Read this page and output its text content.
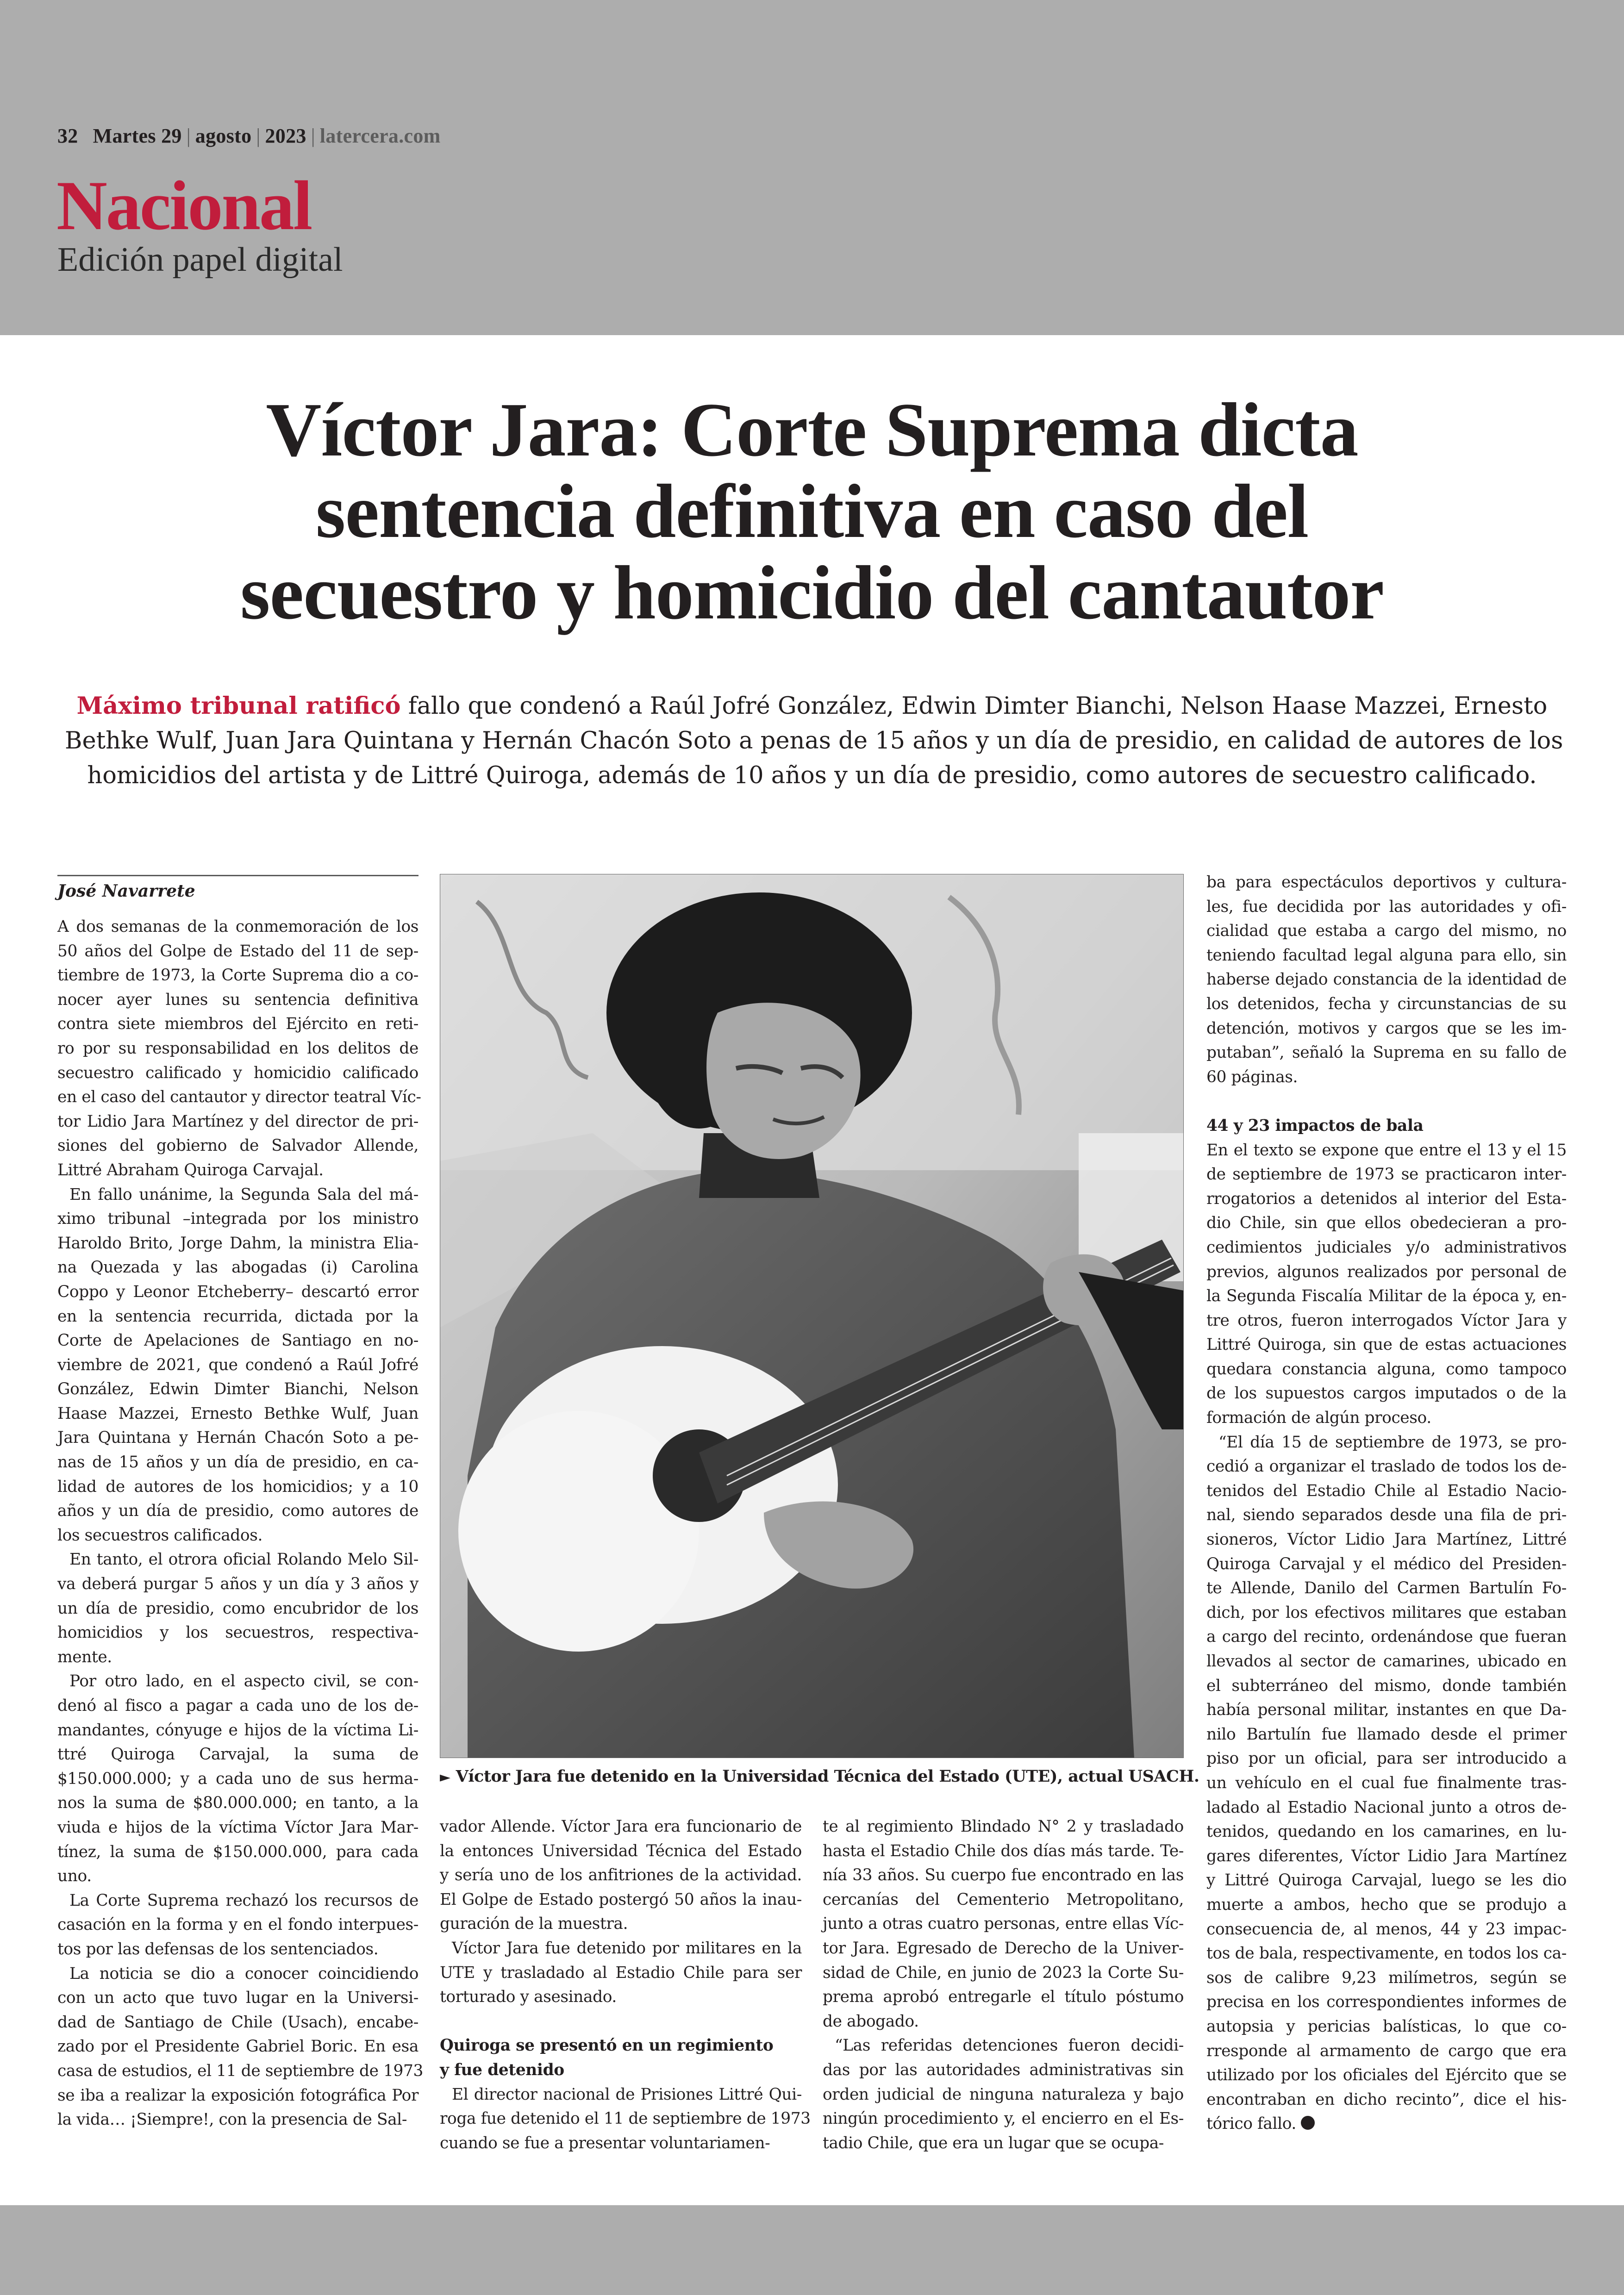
32 Martes 29 | agosto | 2023 | latercera.com
Nacional
Edición papel digital
Víctor Jara: Corte Suprema dicta
sentencia definitiva en caso del
secuestro y homicidio del cantautor

Máximo tribunal ratificó fallo que condenó a Raúl Jofré González, Edwin Dimter Bianchi, Nelson Haase Mazzei, Ernesto
Bethke Wulf, Juan Jara Quintana y Hernán Chacón Soto a penas de 15 años y un día de presidio, en calidad de autores de los
homicidios del artista y de Littré Quiroga, además de 10 años y un día de presidio, como autores de secuestro calificado.

José Navarrete
A dos semanas de la conmemoración de los
50 años del Golpe de Estado del 11 de sep-
tiembre de 1973, la Corte Suprema dio a co-
nocer ayer lunes su sentencia definitiva
contra siete miembros del Ejército en reti-
ro por su responsabilidad en los delitos de
secuestro calificado y homicidio calificado
en el caso del cantautor y director teatral Víc-
tor Lidio Jara Martínez y del director de pri-
siones del gobierno de Salvador Allende,
Littré Abraham Quiroga Carvajal.
En fallo unánime, la Segunda Sala del má-
ximo tribunal –integrada por los ministro
Haroldo Brito, Jorge Dahm, la ministra Elia-
na Quezada y las abogadas (i) Carolina
Coppo y Leonor Etcheberry– descartó error
en la sentencia recurrida, dictada por la
Corte de Apelaciones de Santiago en no-
viembre de 2021, que condenó a Raúl Jofré
González, Edwin Dimter Bianchi, Nelson
Haase Mazzei, Ernesto Bethke Wulf, Juan
Jara Quintana y Hernán Chacón Soto a pe-
nas de 15 años y un día de presidio, en ca-
lidad de autores de los homicidios; y a 10
años y un día de presidio, como autores de
los secuestros calificados.
En tanto, el otrora oficial Rolando Melo Sil-
va deberá purgar 5 años y un día y 3 años y
un día de presidio, como encubridor de los
homicidios y los secuestros, respectiva-
mente.
Por otro lado, en el aspecto civil, se con-
denó al fisco a pagar a cada uno de los de-
mandantes, cónyuge e hijos de la víctima Li-
ttré Quiroga Carvajal, la suma de
$150.000.000; y a cada uno de sus herma-
nos la suma de $80.000.000; en tanto, a la
viuda e hijos de la víctima Víctor Jara Mar-
tínez, la suma de $150.000.000, para cada
uno.
La Corte Suprema rechazó los recursos de
casación en la forma y en el fondo interpues-
tos por las defensas de los sentenciados.
La noticia se dio a conocer coincidiendo
con un acto que tuvo lugar en la Universi-
dad de Santiago de Chile (Usach), encabe-
zado por el Presidente Gabriel Boric. En esa
casa de estudios, el 11 de septiembre de 1973
se iba a realizar la exposición fotográfica Por
la vida… ¡Siempre!, con la presencia de Sal-
► Víctor Jara fue detenido en la Universidad Técnica del Estado (UTE), actual USACH.
vador Allende. Víctor Jara era funcionario de
la entonces Universidad Técnica del Estado
y sería uno de los anfitriones de la actividad.
El Golpe de Estado postergó 50 años la inau-
guración de la muestra.
Víctor Jara fue detenido por militares en la
UTE y trasladado al Estadio Chile para ser
torturado y asesinado.
Quiroga se presentó en un regimiento
y fue detenido
El director nacional de Prisiones Littré Qui-
roga fue detenido el 11 de septiembre de 1973
cuando se fue a presentar voluntariamen-
te al regimiento Blindado N° 2 y trasladado
hasta el Estadio Chile dos días más tarde. Te-
nía 33 años. Su cuerpo fue encontrado en las
cercanías del Cementerio Metropolitano,
junto a otras cuatro personas, entre ellas Víc-
tor Jara. Egresado de Derecho de la Univer-
sidad de Chile, en junio de 2023 la Corte Su-
prema aprobó entregarle el título póstumo
de abogado.
“Las referidas detenciones fueron decidi-
das por las autoridades administrativas sin
orden judicial de ninguna naturaleza y bajo
ningún procedimiento y, el encierro en el Es-
tadio Chile, que era un lugar que se ocupa-
ba para espectáculos deportivos y cultura-
les, fue decidida por las autoridades y ofi-
cialidad que estaba a cargo del mismo, no
teniendo facultad legal alguna para ello, sin
haberse dejado constancia de la identidad de
los detenidos, fecha y circunstancias de su
detención, motivos y cargos que se les im-
putaban”, señaló la Suprema en su fallo de
60 páginas.
44 y 23 impactos de bala
En el texto se expone que entre el 13 y el 15
de septiembre de 1973 se practicaron inter-
rrogatorios a detenidos al interior del Esta-
dio Chile, sin que ellos obedecieran a pro-
cedimientos judiciales y/o administrativos
previos, algunos realizados por personal de
la Segunda Fiscalía Militar de la época y, en-
tre otros, fueron interrogados Víctor Jara y
Littré Quiroga, sin que de estas actuaciones
quedara constancia alguna, como tampoco
de los supuestos cargos imputados o de la
formación de algún proceso.
“El día 15 de septiembre de 1973, se pro-
cedió a organizar el traslado de todos los de-
tenidos del Estadio Chile al Estadio Nacio-
nal, siendo separados desde una fila de pri-
sioneros, Víctor Lidio Jara Martínez, Littré
Quiroga Carvajal y el médico del Presiden-
te Allende, Danilo del Carmen Bartulín Fo-
dich, por los efectivos militares que estaban
a cargo del recinto, ordenándose que fueran
llevados al sector de camarines, ubicado en
el subterráneo del mismo, donde también
había personal militar, instantes en que Da-
nilo Bartulín fue llamado desde el primer
piso por un oficial, para ser introducido a
un vehículo en el cual fue finalmente tras-
ladado al Estadio Nacional junto a otros de-
tenidos, quedando en los camarines, en lu-
gares diferentes, Víctor Lidio Jara Martínez
y Littré Quiroga Carvajal, luego se les dio
muerte a ambos, hecho que se produjo a
consecuencia de, al menos, 44 y 23 impac-
tos de bala, respectivamente, en todos los ca-
sos de calibre 9,23 milímetros, según se
precisa en los correspondientes informes de
autopsia y pericias balísticas, lo que co-
rresponde al armamento de cargo que era
utilizado por los oficiales del Ejército que se
encontraban en dicho recinto”, dice el his-
tórico fallo.
